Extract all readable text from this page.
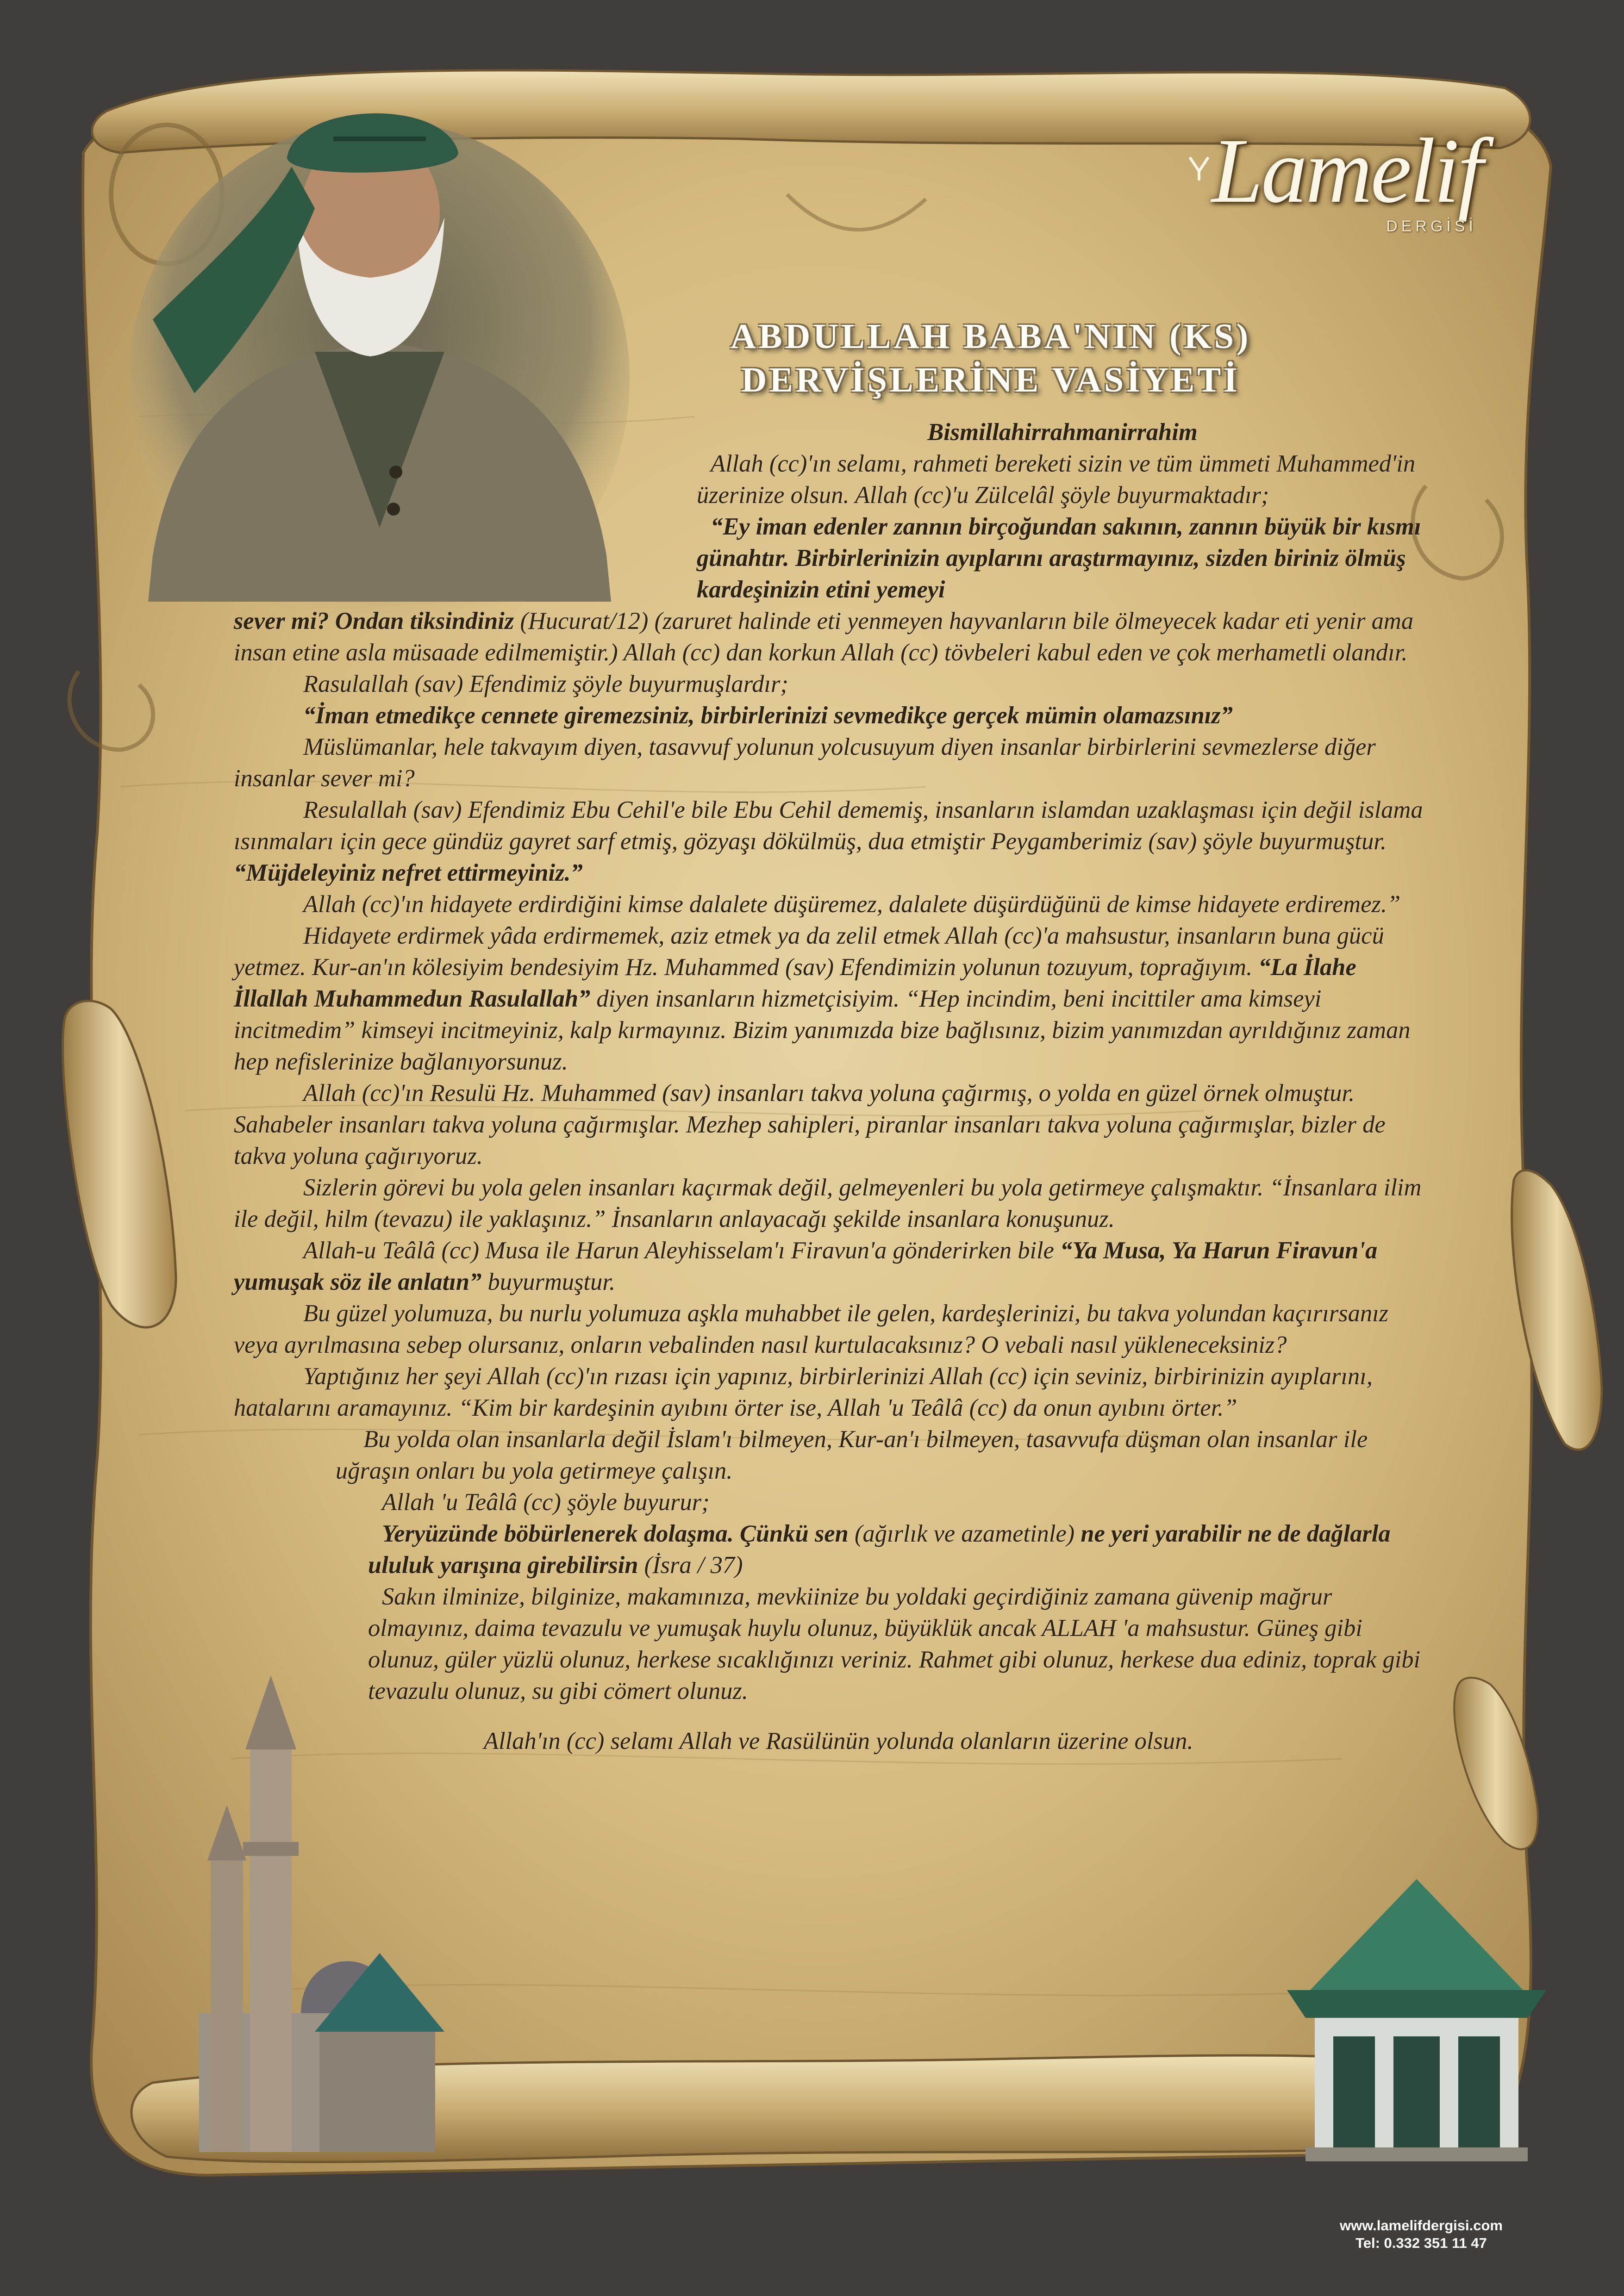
Lamelif
DERGİSİ
ABDULLAH BABA'NIN (KS)
DERVİŞLERİNE VASİYETİ

Bismillahirrahmanirrahim

Allah (cc)'ın selamı, rahmeti bereketi sizin ve tüm ümmeti Muhammed'in üzerinize olsun. Allah (cc)'u Zülcelâl şöyle buyurmaktadır;

“Ey iman edenler zannın birçoğundan sakının, zannın büyük bir kısmı günahtır. Birbirlerinizin ayıplarını araştırmayınız, sizden biriniz ölmüş kardeşinizin etini yemeyi

sever mi? Ondan tiksindiniz (Hucurat/12) (zaruret halinde eti yenmeyen hayvanların bile ölmeyecek kadar eti yenir ama insan etine asla müsaade edilmemiştir.) Allah (cc) dan korkun Allah (cc) tövbeleri kabul eden ve çok merhametli olandır.

Rasulallah (sav) Efendimiz şöyle buyurmuşlardır;

“İman etmedikçe cennete giremezsiniz, birbirlerinizi sevmedikçe gerçek mümin olamazsınız”

Müslümanlar, hele takvayım diyen, tasavvuf yolunun yolcusuyum diyen insanlar birbirlerini sevmezlerse diğer insanlar sever mi?

Resulallah (sav) Efendimiz Ebu Cehil'e bile Ebu Cehil dememiş, insanların islamdan uzaklaşması için değil islama ısınmaları için gece gündüz gayret sarf etmiş, gözyaşı dökülmüş, dua etmiştir Peygamberimiz (sav) şöyle buyurmuştur. “Müjdeleyiniz nefret ettirmeyiniz.”

Allah (cc)'ın hidayete erdirdiğini kimse dalalete düşüremez, dalalete düşürdüğünü de kimse hidayete erdiremez.”

Hidayete erdirmek yâda erdirmemek, aziz etmek ya da zelil etmek Allah (cc)'a mahsustur, insanların buna gücü yetmez. Kur-an'ın kölesiyim bendesiyim Hz. Muhammed (sav) Efendimizin yolunun tozuyum, toprağıyım. “La İlahe İllallah Muhammedun Rasulallah” diyen insanların hizmetçisiyim. “Hep incindim, beni incittiler ama kimseyi incitmedim” kimseyi incitmeyiniz, kalp kırmayınız. Bizim yanımızda bize bağlısınız, bizim yanımızdan ayrıldığınız zaman hep nefislerinize bağlanıyorsunuz.

Allah (cc)'ın Resulü Hz. Muhammed (sav) insanları takva yoluna çağırmış, o yolda en güzel örnek olmuştur. Sahabeler insanları takva yoluna çağırmışlar. Mezhep sahipleri, piranlar insanları takva yoluna çağırmışlar, bizler de takva yoluna çağırıyoruz.

Sizlerin görevi bu yola gelen insanları kaçırmak değil, gelmeyenleri bu yola getirmeye çalışmaktır. “İnsanlara ilim ile değil, hilm (tevazu) ile yaklaşınız.” İnsanların anlayacağı şekilde insanlara konuşunuz.

Allah-u Teâlâ (cc) Musa ile Harun Aleyhisselam'ı Firavun'a gönderirken bile “Ya Musa, Ya Harun Firavun'a yumuşak söz ile anlatın” buyurmuştur.

Bu güzel yolumuza, bu nurlu yolumuza aşkla muhabbet ile gelen, kardeşlerinizi, bu takva yolundan kaçırırsanız veya ayrılmasına sebep olursanız, onların vebalinden nasıl kurtulacaksınız? O vebali nasıl yükleneceksiniz?

Yaptığınız her şeyi Allah (cc)'ın rızası için yapınız, birbirlerinizi Allah (cc) için seviniz, birbirinizin ayıplarını, hatalarını aramayınız. “Kim bir kardeşinin ayıbını örter ise, Allah 'u Teâlâ (cc) da onun ayıbını örter.”

Bu yolda olan insanlarla değil İslam'ı bilmeyen, Kur-an'ı bilmeyen, tasavvufa düşman olan insanlar ile uğraşın onları bu yola getirmeye çalışın.

Allah 'u Teâlâ (cc) şöyle buyurur;

Yeryüzünde böbürlenerek dolaşma. Çünkü sen (ağırlık ve azametinle) ne yeri yarabilir ne de dağlarla ululuk yarışına girebilirsin (İsra / 37)

Sakın ilminize, bilginize, makamınıza, mevkiinize bu yoldaki geçirdiğiniz zamana güvenip mağrur olmayınız, daima tevazulu ve yumuşak huylu olunuz, büyüklük ancak ALLAH 'a mahsustur. Güneş gibi olunuz, güler yüzlü olunuz, herkese sıcaklığınızı veriniz. Rahmet gibi olunuz, herkese dua ediniz, toprak gibi tevazulu olunuz, su gibi cömert olunuz.

Allah'ın (cc) selamı Allah ve Rasülünün yolunda olanların üzerine olsun.

www.lamelifdergisi.com
Tel: 0.332 351 11 47
